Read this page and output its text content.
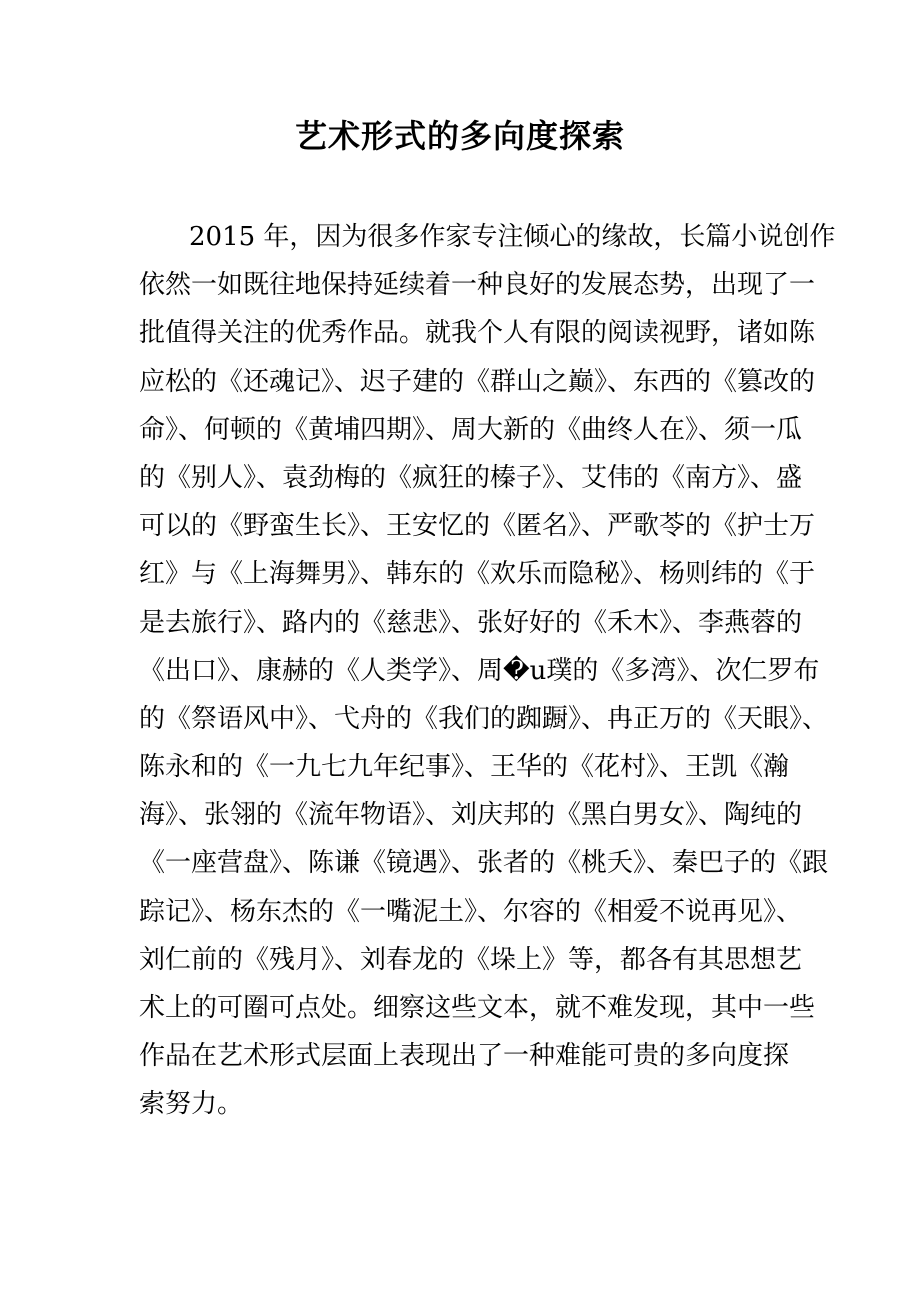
艺术形式的多向度探索
2015 年，因为很多作家专注倾心的缘故，长篇小说创作
依然一如既往地保持延续着一种良好的发展态势，出现了一
批值得关注的优秀作品。就我个人有限的阅读视野，诸如陈
应松的《还魂记》、迟子建的《群山之巅》、东西的《篡改的
命》、何顿的《黄埔四期》、周大新的《曲终人在》、须一瓜
的《别人》、袁劲梅的《疯狂的榛子》、艾伟的《南方》、盛
可以的《野蛮生长》、王安忆的《匿名》、严歌苓的《护士万
红》与《上海舞男》、韩东的《欢乐而隐秘》、杨则纬的《于
是去旅行》、路内的《慈悲》、张好好的《禾木》、李燕蓉的
《出口》、康赫的《人类学》、周�u璞的《多湾》、次仁罗布
的《祭语风中》、弋舟的《我们的踟蹰》、冉正万的《天眼》、
陈永和的《一九七九年纪事》、王华的《花村》、王凯《瀚
海》、张翎的《流年物语》、刘庆邦的《黑白男女》、陶纯的
《一座营盘》、陈谦《镜遇》、张者的《桃夭》、秦巴子的《跟
踪记》、杨东杰的《一嘴泥土》、尔容的《相爱不说再见》、
刘仁前的《残月》、刘春龙的《垛上》等，都各有其思想艺
术上的可圈可点处。细察这些文本，就不难发现，其中一些
作品在艺术形式层面上表现出了一种难能可贵的多向度探
索努力。
